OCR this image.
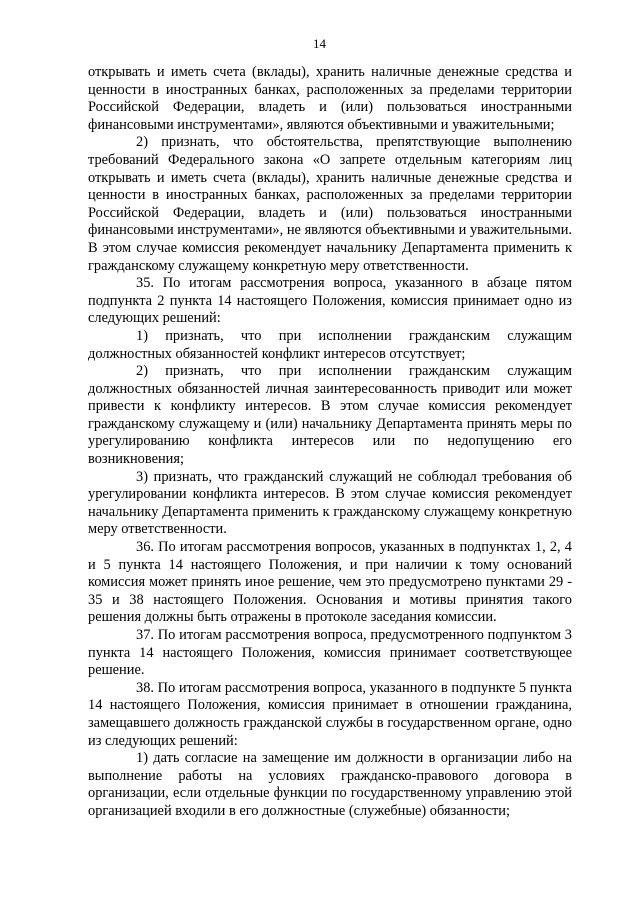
14

открывать и иметь счета (вклады), хранить наличные денежные средства и ценности в иностранных банках, расположенных за пределами территории Российской Федерации, владеть и (или) пользоваться иностранными финансовыми инструментами», являются объективными и уважительными;

2) признать, что обстоятельства, препятствующие выполнению требований Федерального закона «О запрете отдельным категориям лиц открывать и иметь счета (вклады), хранить наличные денежные средства и ценности в иностранных банках, расположенных за пределами территории Российской Федерации, владеть и (или) пользоваться иностранными финансовыми инструментами», не являются объективными и уважительными. В этом случае комиссия рекомендует начальнику Департамента применить к гражданскому служащему конкретную меру ответственности.

35. По итогам рассмотрения вопроса, указанного в абзаце пятом подпункта 2 пункта 14 настоящего Положения, комиссия принимает одно из следующих решений:

1) признать, что при исполнении гражданским служащим должностных обязанностей конфликт интересов отсутствует;

2) признать, что при исполнении гражданским служащим должностных обязанностей личная заинтересованность приводит или может привести к конфликту интересов. В этом случае комиссия рекомендует гражданскому служащему и (или) начальнику Департамента принять меры по урегулированию конфликта интересов или по недопущению его возникновения;

3) признать, что гражданский служащий не соблюдал требования об урегулировании конфликта интересов. В этом случае комиссия рекомендует начальнику Департамента применить к гражданскому служащему конкретную меру ответственности.

36. По итогам рассмотрения вопросов, указанных в подпунктах 1, 2, 4 и 5 пункта 14 настоящего Положения, и при наличии к тому оснований комиссия может принять иное решение, чем это предусмотрено пунктами 29 - 35 и 38 настоящего Положения. Основания и мотивы принятия такого решения должны быть отражены в протоколе заседания комиссии.

37. По итогам рассмотрения вопроса, предусмотренного подпунктом 3 пункта 14 настоящего Положения, комиссия принимает соответствующее решение.

38. По итогам рассмотрения вопроса, указанного в подпункте 5 пункта 14 настоящего Положения, комиссия принимает в отношении гражданина, замещавшего должность гражданской службы в государственном органе, одно из следующих решений:

1) дать согласие на замещение им должности в организации либо на выполнение работы на условиях гражданско-правового договора в организации, если отдельные функции по государственному управлению этой организацией входили в его должностные (служебные) обязанности;
